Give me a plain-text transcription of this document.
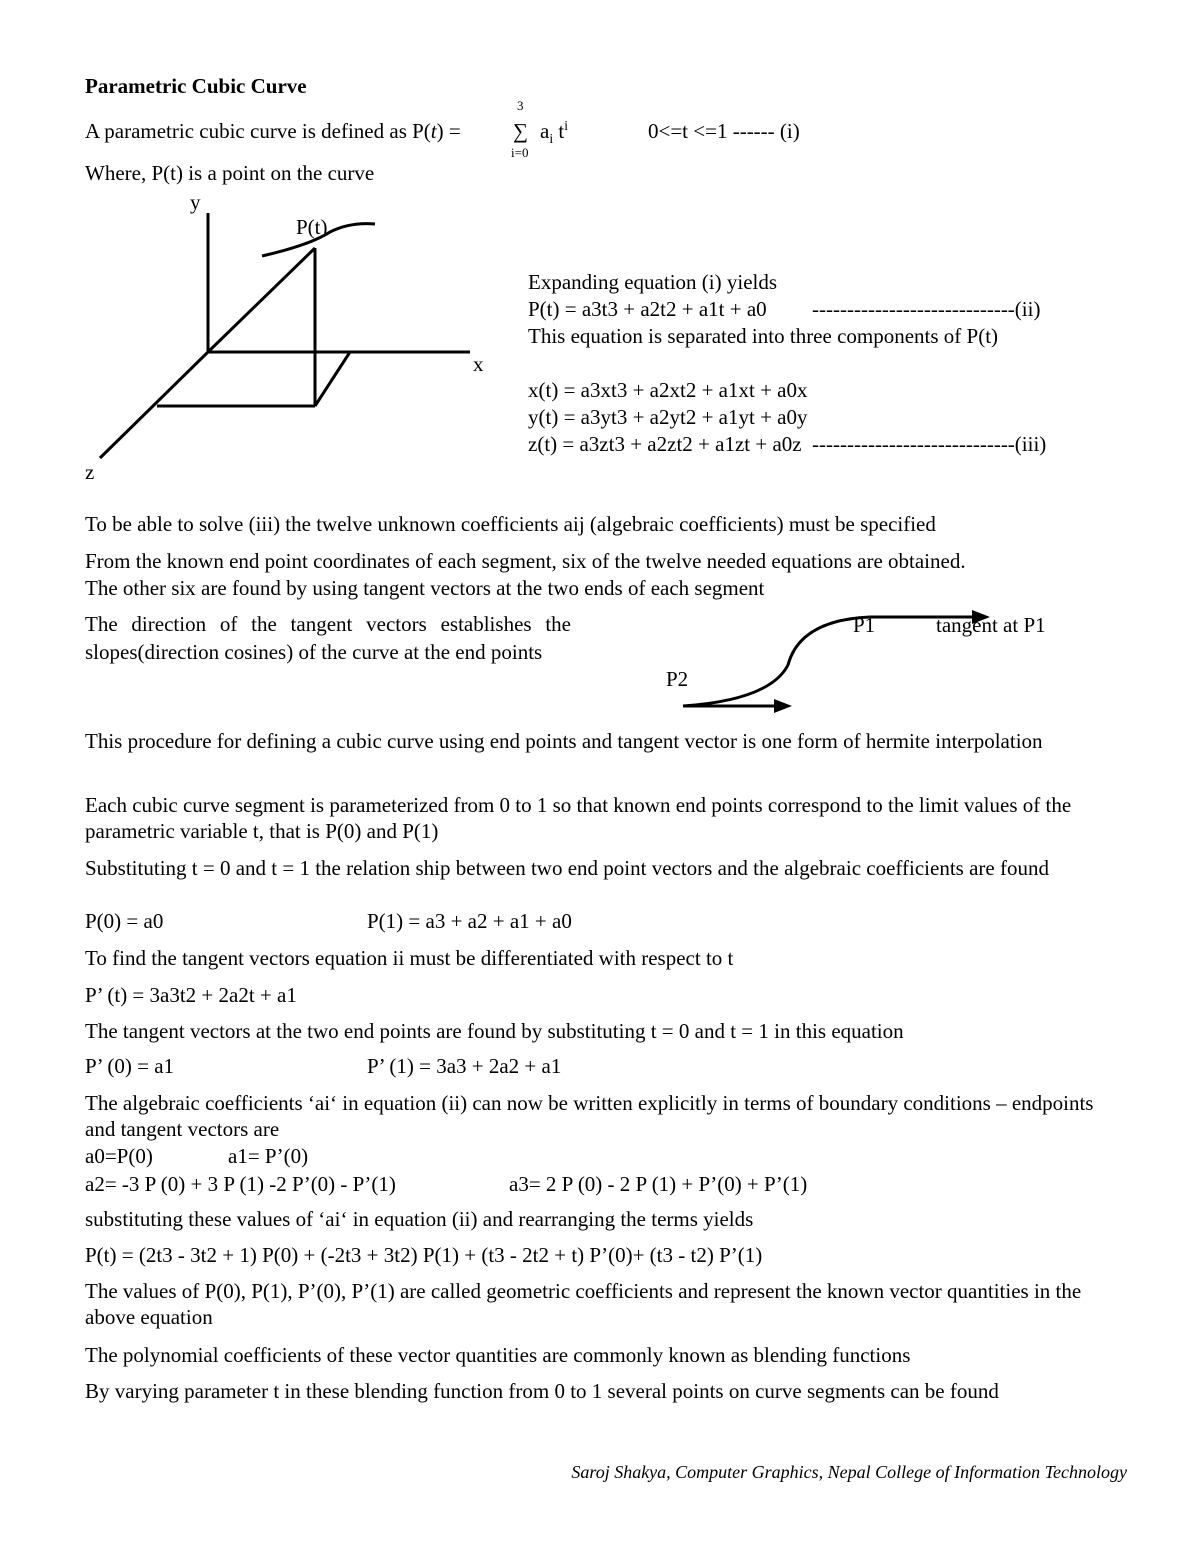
Parametric Cubic Curve
A parametric cubic curve is defined as P(t) =
3
∑
i=0
$a_i$ $t^i$	0<=t <=1 ------ (i)
Where, P(t) is a point on the curve
y
x
z
P(t)
Expanding equation (i) yields
P(t) = a3t3 + a2t2 + a1t + a0 -----------------------------(ii)
This equation is separated into three components of P(t)
x(t) = a3xt3 + a2xt2 + a1xt + a0x
y(t) = a3yt3 + a2yt2 + a1yt + a0y
z(t) = a3zt3 + a2zt2 + a1zt + a0z -----------------------------(iii)
To be able to solve (iii) the twelve unknown coefficients aij (algebraic coefficients) must be specified
From the known end point coordinates of each segment, six of the twelve needed equations are obtained.
The other six are found by using tangent vectors at the two ends of each segment
The direction of the tangent vectors establishes the slopes(direction cosines) of the curve at the end points
P1	tangent at P1
P2
This procedure for defining a cubic curve using end points and tangent vector is one form of hermite interpolation
Each cubic curve segment is parameterized from 0 to 1 so that known end points correspond to the limit values of the parametric variable t, that is P(0) and P(1)
Substituting t = 0 and t = 1 the relation ship between two end point vectors and the algebraic coefficients are found
P(0) = a0	P(1) = a3 + a2 + a1 + a0
To find the tangent vectors equation ii must be differentiated with respect to t
P’ (t) = 3a3t2 + 2a2t + a1
The tangent vectors at the two end points are found by substituting t = 0 and t = 1 in this equation
P’ (0) = a1	P’ (1) = 3a3 + 2a2 + a1
The algebraic coefficients ‘ai‘ in equation (ii) can now be written explicitly in terms of boundary conditions – endpoints and tangent vectors are
a0=P(0)	a1= P’(0)
a2= -3 P (0) + 3 P (1) -2 P’(0) - P’(1)	a3= 2 P (0) - 2 P (1) + P’(0) + P’(1)
substituting these values of ‘ai‘ in equation (ii) and rearranging the terms yields
P(t) = (2t3 - 3t2 + 1) P(0) + (-2t3 + 3t2) P(1) + (t3 - 2t2 + t) P’(0)+ (t3 - t2) P’(1)
The values of P(0), P(1), P’(0), P’(1) are called geometric coefficients and represent the known vector quantities in the above equation
The polynomial coefficients of these vector quantities are commonly known as blending functions
By varying parameter t in these blending function from 0 to 1 several points on curve segments can be found
Saroj Shakya, Computer Graphics, Nepal College of Information Technology
